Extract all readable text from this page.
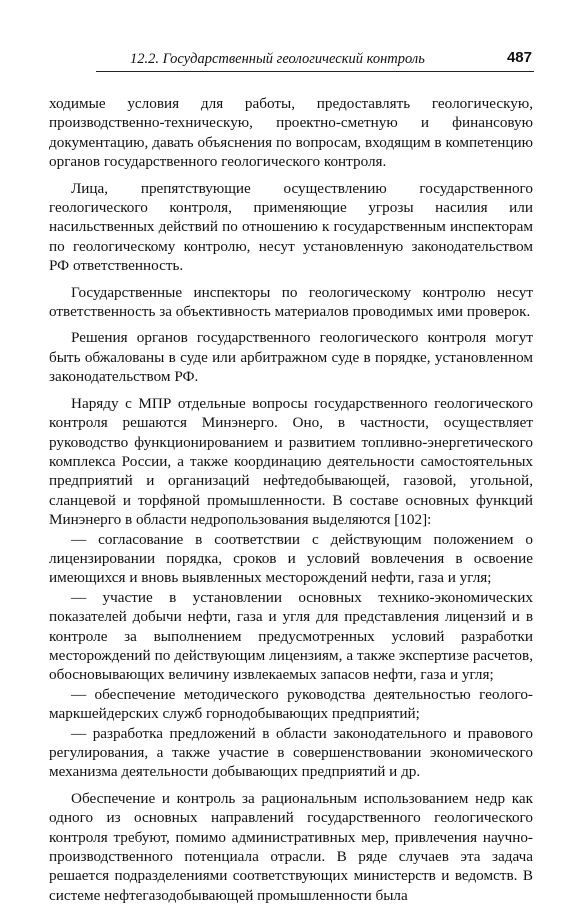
12.2. Государственный геологический контроль	487

ходимые условия для работы, предоставлять геологическую, производственно-техническую, проектно-сметную и финансовую документацию, давать объяснения по вопросам, входящим в компетенцию органов государственного геологического контроля.

Лица, препятствующие осуществлению государственного геологического контроля, применяющие угрозы насилия или насильственных действий по отношению к государственным инспекторам по геологическому контролю, несут установленную законодательством РФ ответственность.

Государственные инспекторы по геологическому контролю несут ответственность за объективность материалов проводимых ими проверок.

Решения органов государственного геологического контроля могут быть обжалованы в суде или арбитражном суде в порядке, установленном законодательством РФ.

Наряду с МПР отдельные вопросы государственного геологического контроля решаются Минэнерго. Оно, в частности, осуществляет руководство функционированием и развитием топливно-энергетического комплекса России, а также координацию деятельности самостоятельных предприятий и организаций нефтедобывающей, газовой, угольной, сланцевой и торфяной промышленности. В составе основных функций Минэнерго в области недропользования выделяются [102]:

— согласование в соответствии с действующим положением о лицензировании порядка, сроков и условий вовлечения в освоение имеющихся и вновь выявленных месторождений нефти, газа и угля;

— участие в установлении основных технико-экономических показателей добычи нефти, газа и угля для представления лицензий и в контроле за выполнением предусмотренных условий разработки месторождений по действующим лицензиям, а также экспертизе расчетов, обосновывающих величину извлекаемых запасов нефти, газа и угля;

— обеспечение методического руководства деятельностью геолого-маркшейдерских служб горнодобывающих предприятий;

— разработка предложений в области законодательного и правового регулирования, а также участие в совершенствовании экономического механизма деятельности добывающих предприятий и др.

Обеспечение и контроль за рациональным использованием недр как одного из основных направлений государственного геологического контроля требуют, помимо административных мер, привлечения научно-производственного потенциала отрасли. В ряде случаев эта задача решается подразделениями соответствующих министерств и ведомств. В системе нефтегазодобывающей промышленности была
